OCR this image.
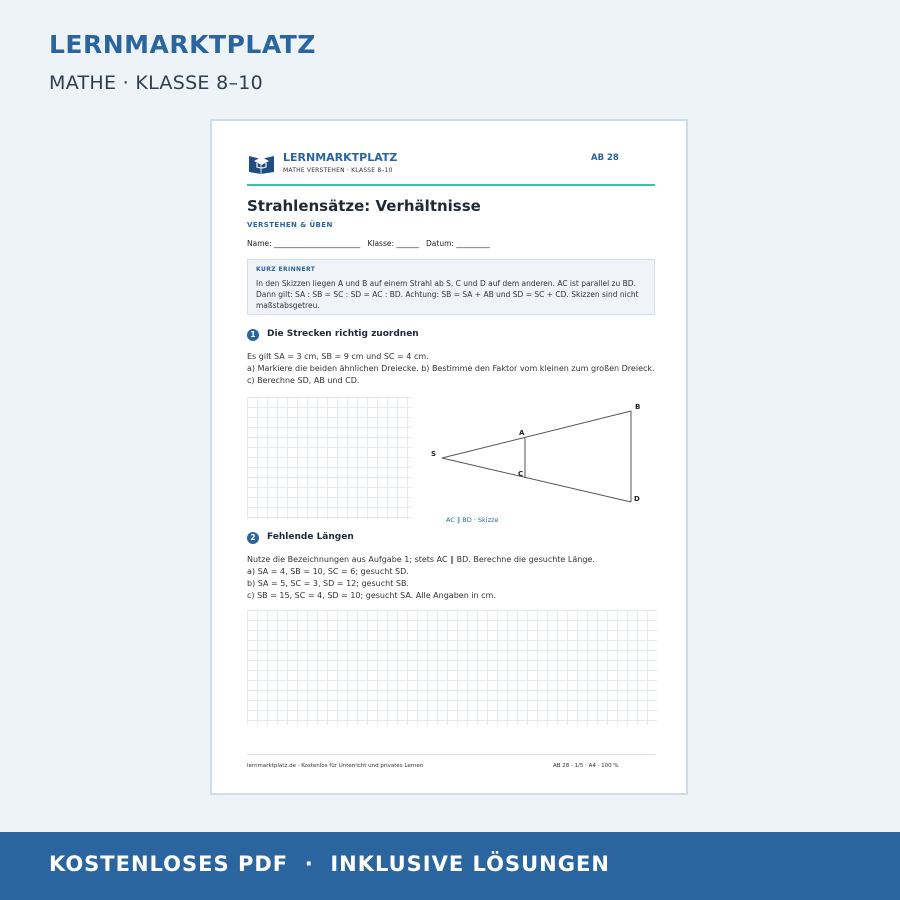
LERNMARKTPLATZ
MATHE · KLASSE 8–10
LERNMARKTPLATZ
MATHE VERSTEHEN · KLASSE 8–10
AB 28
Strahlensätze: Verhältnisse
VERSTEHEN & ÜBEN
Name: _______________________   Klasse: ______   Datum: _________
KURZ ERINNERT
In den Skizzen liegen A und B auf einem Strahl ab S, C und D auf dem anderen. AC ist parallel zu BD. Dann gilt: SA : SB = SC : SD = AC : BD. Achtung: SB = SA + AB und SD = SC + CD. Skizzen sind nicht maßstabsgetreu.
1	Die Strecken richtig zuordnen
Es gilt SA = 3 cm, SB = 9 cm und SC = 4 cm.
a) Markiere die beiden ähnlichen Dreiecke. b) Bestimme den Faktor vom kleinen zum großen Dreieck. c) Berechne SD, AB und CD.
S
A
B
C
D
AC ∥ BD · Skizze
2	Fehlende Längen
Nutze die Bezeichnungen aus Aufgabe 1; stets AC ∥ BD. Berechne die gesuchte Länge.
a) SA = 4, SB = 10, SC = 6; gesucht SD.
b) SA = 5, SC = 3, SD = 12; gesucht SB.
c) SB = 15, SC = 4, SD = 10; gesucht SA. Alle Angaben in cm.
lernmarktplatz.de · Kostenlos für Unterricht und privates Lernen	AB 28 · 1/5 · A4 · 100 %
KOSTENLOSES PDF  ·  INKLUSIVE LÖSUNGEN
